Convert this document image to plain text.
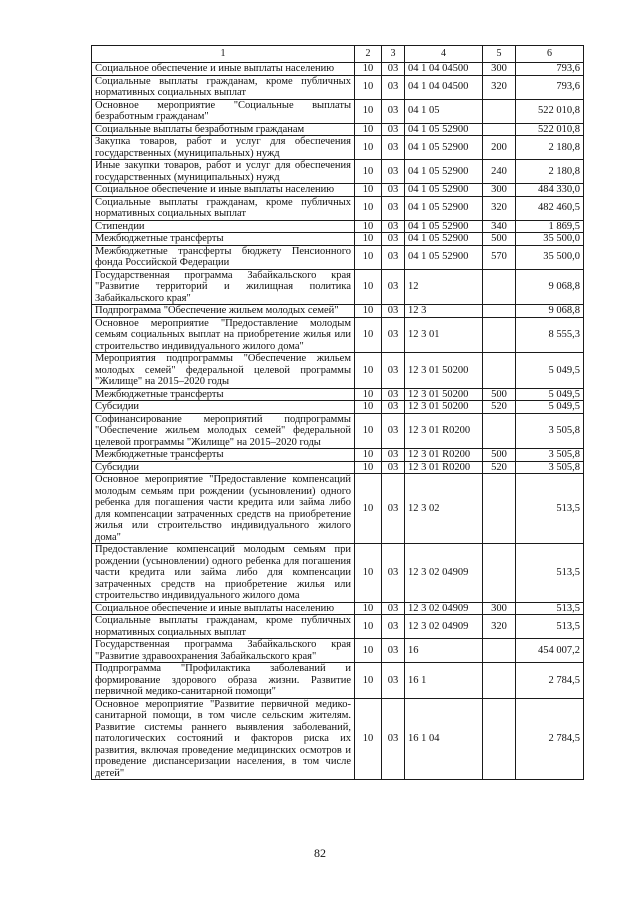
1	2	3	4	5	6
Социальное обеспечение и иные выплаты населению	10	03	04 1 04 04500	300	793,6
Социальные выплаты гражданам, кроме публичных нормативных социальных выплат	10	03	04 1 04 04500	320	793,6
Основное мероприятие "Социальные выплаты безработным гражданам"	10	03	04 1 05		522 010,8
Социальные выплаты безработным гражданам	10	03	04 1 05 52900		522 010,8
Закупка товаров, работ и услуг для обеспечения государственных (муниципальных) нужд	10	03	04 1 05 52900	200	2 180,8
Иные закупки товаров, работ и услуг для обеспечения государственных (муниципальных) нужд	10	03	04 1 05 52900	240	2 180,8
Социальное обеспечение и иные выплаты населению	10	03	04 1 05 52900	300	484 330,0
Социальные выплаты гражданам, кроме публичных нормативных социальных выплат	10	03	04 1 05 52900	320	482 460,5
Стипендии	10	03	04 1 05 52900	340	1 869,5
Межбюджетные трансферты	10	03	04 1 05 52900	500	35 500,0
Межбюджетные трансферты бюджету Пенсионного фонда Российской Федерации	10	03	04 1 05 52900	570	35 500,0
Государственная программа Забайкальского края "Развитие территорий и жилищная политика Забайкальского края"	10	03	12		9 068,8
Подпрограмма "Обеспечение жильем молодых семей"	10	03	12 3		9 068,8
Основное мероприятие "Предоставление молодым семьям социальных выплат на приобретение жилья или строительство индивидуального жилого дома"	10	03	12 3 01		8 555,3
Мероприятия подпрограммы "Обеспечение жильем молодых семей" федеральной целевой программы "Жилище" на 2015–2020 годы	10	03	12 3 01 50200		5 049,5
Межбюджетные трансферты	10	03	12 3 01 50200	500	5 049,5
Субсидии	10	03	12 3 01 50200	520	5 049,5
Софинансирование мероприятий подпрограммы "Обеспечение жильем молодых семей" федеральной целевой программы "Жилище" на 2015–2020 годы	10	03	12 3 01 R0200		3 505,8
Межбюджетные трансферты	10	03	12 3 01 R0200	500	3 505,8
Субсидии	10	03	12 3 01 R0200	520	3 505,8
Основное мероприятие "Предоставление компенсаций молодым семьям при рождении (усыновлении) одного ребенка для погашения части кредита или займа либо для компенсации затраченных средств на приобретение жилья или строительство индивидуального жилого дома"	10	03	12 3 02		513,5
Предоставление компенсаций молодым семьям при рождении (усыновлении) одного ребенка для погашения части кредита или займа либо для компенсации затраченных средств на приобретение жилья или строительство индивидуального жилого дома	10	03	12 3 02 04909		513,5
Социальное обеспечение и иные выплаты населению	10	03	12 3 02 04909	300	513,5
Социальные выплаты гражданам, кроме публичных нормативных социальных выплат	10	03	12 3 02 04909	320	513,5
Государственная программа Забайкальского края "Развитие здравоохранения Забайкальского края"	10	03	16		454 007,2
Подпрограмма "Профилактика заболеваний и формирование здорового образа жизни. Развитие первичной медико-санитарной помощи"	10	03	16 1		2 784,5
Основное мероприятие "Развитие первичной медико-санитарной помощи, в том числе сельским жителям. Развитие системы раннего выявления заболеваний, патологических состояний и факторов риска их развития, включая проведение медицинских осмотров и проведение диспансеризации населения, в том числе детей"	10	03	16 1 04		2 784,5
82
